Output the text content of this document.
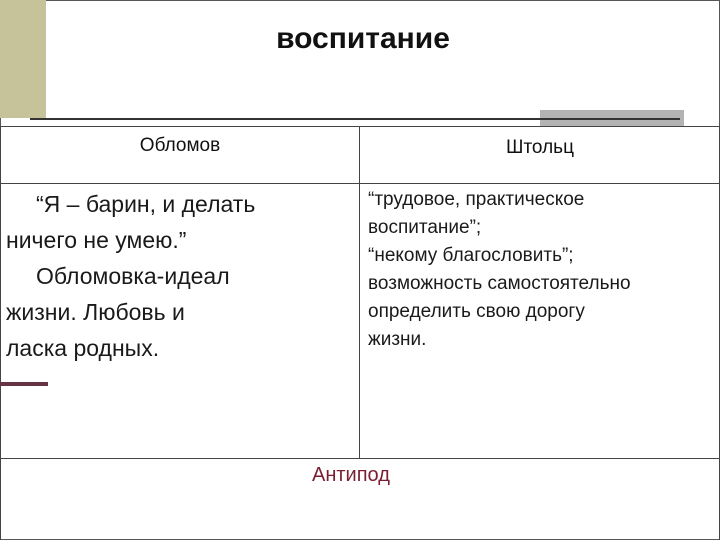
воспитание
Обломов	Штольц

“Я – барин, и делать

ничего не умею.”

Обломовка-идеал

жизни. Любовь и

ласка родных.

“трудовое, практическое

воспитание”;

“некому благословить”;

возможность самостоятельно

определить свою дорогу

жизни.

Антипод
